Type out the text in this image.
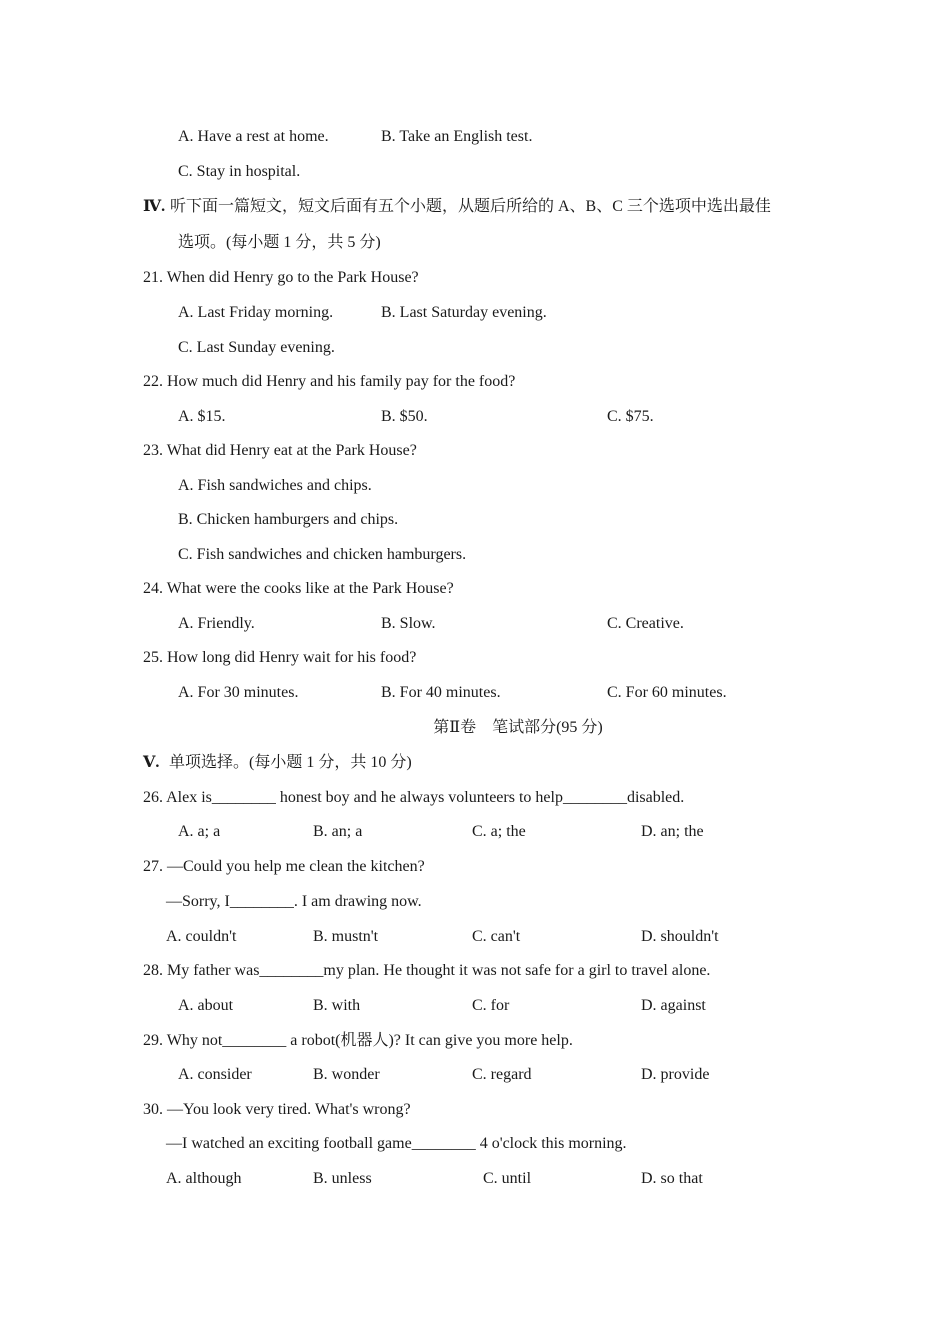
A. Have a rest at home.	B. Take an English test.
C. Stay in hospital.
Ⅳ. 听下面一篇短文，短文后面有五个小题，从题后所给的 A、B、C 三个选项中选出最佳
选项。(每小题 1 分，共 5 分)
21. When did Henry go to the Park House?
A. Last Friday morning.	B. Last Saturday evening.
C. Last Sunday evening.
22. How much did Henry and his family pay for the food?
A. $15.	B. $50.	C. $75.
23. What did Henry eat at the Park House?
A. Fish sandwiches and chips.
B. Chicken hamburgers and chips.
C. Fish sandwiches and chicken hamburgers.
24. What were the cooks like at the Park House?
A. Friendly.	B. Slow.	C. Creative.
25. How long did Henry wait for his food?
A. For 30 minutes.	B. For 40 minutes.	C. For 60 minutes.
第Ⅱ卷　笔试部分(95 分)
Ⅴ. 单项选择。(每小题 1 分，共 10 分)
26. Alex is________ honest boy and he always volunteers to help________disabled.
A. a; a	B. an; a	C. a; the	D. an; the
27. —Could you help me clean the kitchen?
—Sorry, I________. I am drawing now.
A. couldn't	B. mustn't	C. can't	D. shouldn't
28. My father was________my plan. He thought it was not safe for a girl to travel alone.
A. about	B. with	C. for	D. against
29. Why not________ a robot(机器人)? It can give you more help.
A. consider	B. wonder	C. regard	D. provide
30. —You look very tired. What's wrong?
—I watched an exciting football game________ 4 o'clock this morning.
A. although	B. unless	C. until	D. so that
